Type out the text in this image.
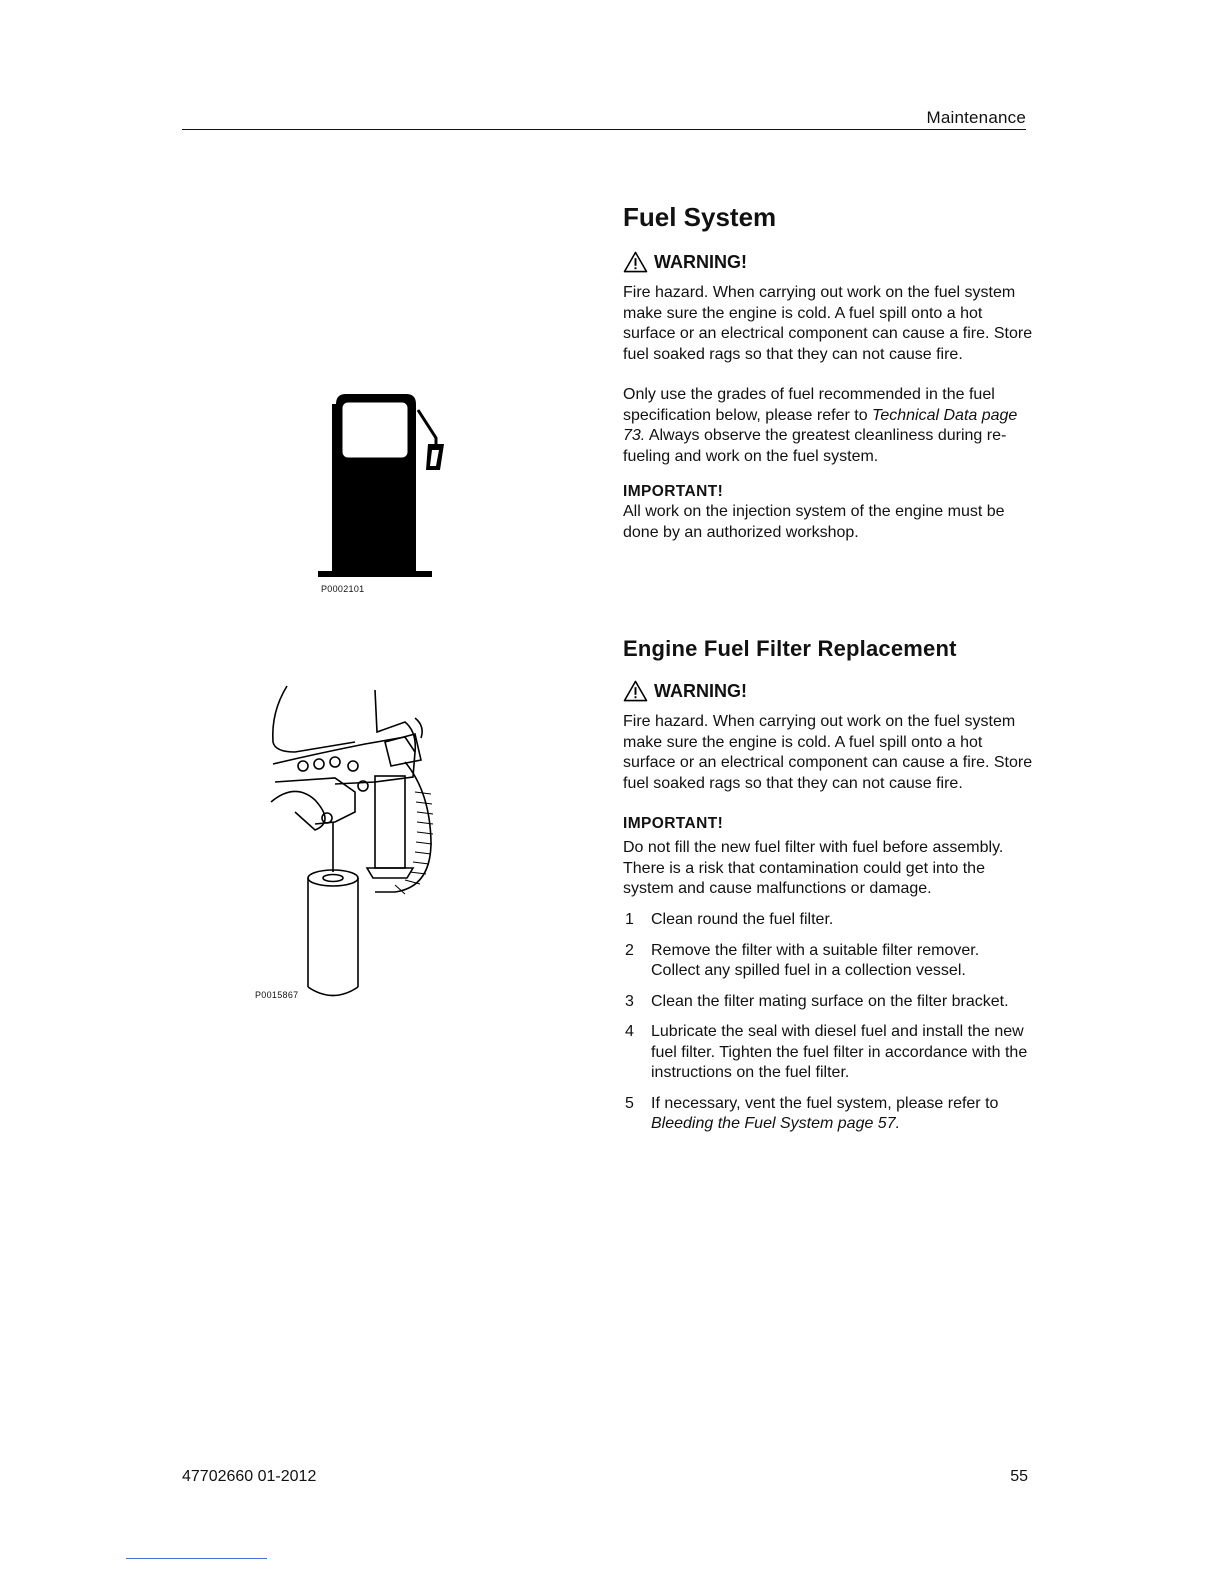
Maintenance
P0002101
P0015867
Fuel System
WARNING!

Fire hazard. When carrying out work on the fuel system make sure the engine is cold. A fuel spill onto a hot surface or an electrical component can cause a fire. Store fuel soaked rags so that they can not cause fire.

Only use the grades of fuel recommended in the fuel specification below, please refer to Technical Data page 73. Always observe the greatest cleanliness during re-fueling and work on the fuel system.

IMPORTANT!

All work on the injection system of the engine must be done by an authorized workshop.

Engine Fuel Filter Replacement
WARNING!

Fire hazard. When carrying out work on the fuel system make sure the engine is cold. A fuel spill onto a hot surface or an electrical component can cause a fire. Store fuel soaked rags so that they can not cause fire.

IMPORTANT!

Do not fill the new fuel filter with fuel before assembly. There is a risk that contamination could get into the system and cause malfunctions or damage.

1	Clean round the fuel filter.
2	Remove the filter with a suitable filter remover. Collect any spilled fuel in a collection vessel.
3	Clean the filter mating surface on the filter bracket.
4	Lubricate the seal with diesel fuel and install the new fuel filter. Tighten the fuel filter in accordance with the instructions on the fuel filter.
5	If necessary, vent the fuel system, please refer to Bleeding the Fuel System page 57.
47702660 01-2012	55
